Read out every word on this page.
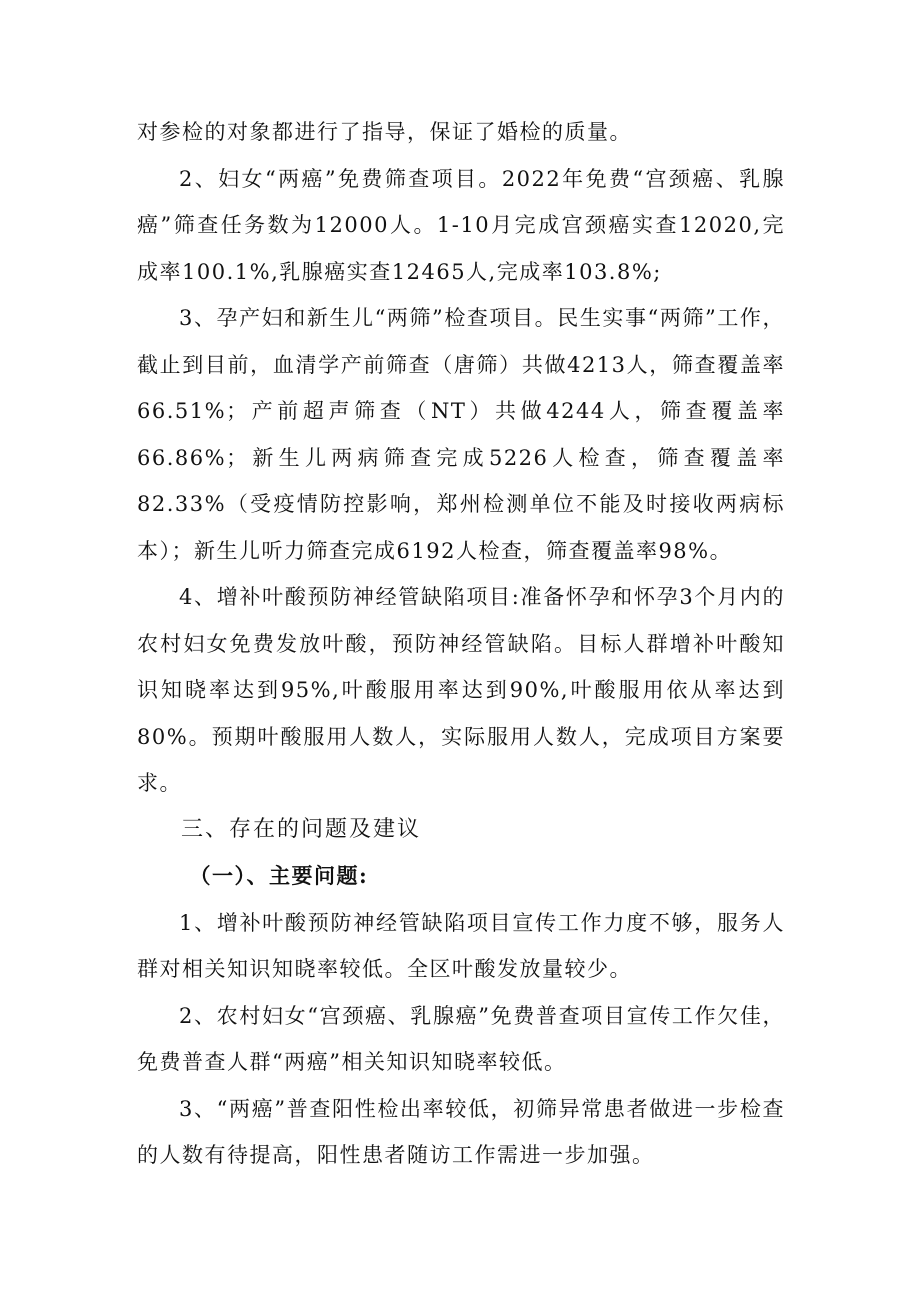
对参检的对象都进行了指导，保证了婚检的质量。

2、妇女“两癌”免费筛查项目。2022年免费“宫颈癌、乳腺癌”筛查任务数为12000人。1-10月完成宫颈癌实查12020,完成率100.1%,乳腺癌实查12465人,完成率103.8%;

3、孕产妇和新生儿“两筛”检查项目。民生实事“两筛”工作，截止到目前，血清学产前筛查（唐筛）共做4213人，筛查覆盖率66.51%；产前超声筛查（NT）共做4244人，筛查覆盖率66.86%；新生儿两病筛查完成5226人检查，筛查覆盖率82.33%（受疫情防控影响，郑州检测单位不能及时接收两病标本）；新生儿听力筛查完成6192人检查，筛查覆盖率98%。

4、增补叶酸预防神经管缺陷项目:准备怀孕和怀孕3个月内的农村妇女免费发放叶酸，预防神经管缺陷。目标人群增补叶酸知识知晓率达到95%,叶酸服用率达到90%,叶酸服用依从率达到80%。预期叶酸服用人数人，实际服用人数人，完成项目方案要求。

三、存在的问题及建议

（一）、主要问题:

1、增补叶酸预防神经管缺陷项目宣传工作力度不够，服务人群对相关知识知晓率较低。全区叶酸发放量较少。

2、农村妇女“宫颈癌、乳腺癌”免费普查项目宣传工作欠佳，免费普查人群“两癌”相关知识知晓率较低。

3、“两癌”普查阳性检出率较低，初筛异常患者做进一步检查的人数有待提高，阳性患者随访工作需进一步加强。
